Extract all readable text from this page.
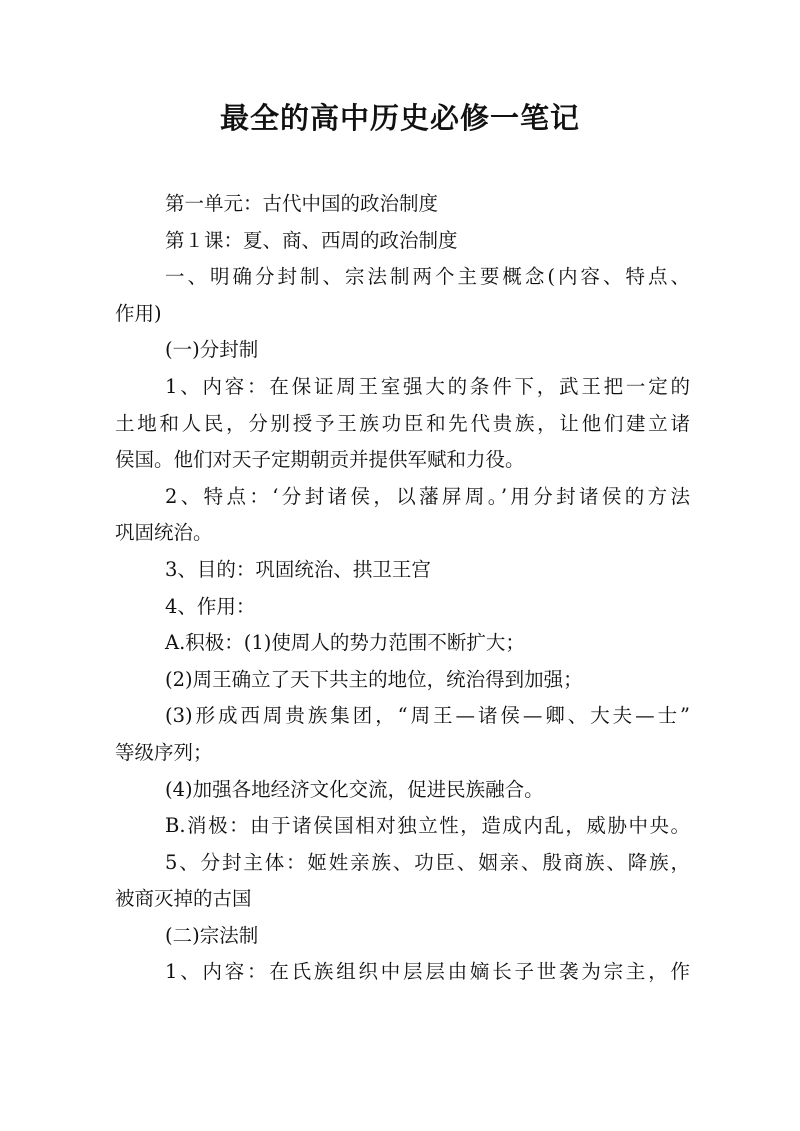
最全的高中历史必修一笔记
第一单元：古代中国的政治制度
第１课：夏、商、西周的政治制度
一、明确分封制、宗法制两个主要概念(内容、特点、
作用)
(一)分封制
1、内容：在保证周王室强大的条件下，武王把一定的
土地和人民，分别授予王族功臣和先代贵族，让他们建立诸
侯国。他们对天子定期朝贡并提供军赋和力役。
2、特点：‘分封诸侯，以藩屏周。’用分封诸侯的方法
巩固统治。
3、目的：巩固统治、拱卫王宫
4、作用：
A.积极：(1)使周人的势力范围不断扩大；
(2)周王确立了天下共主的地位，统治得到加强；
(3)形成西周贵族集团，“周王—诸侯—卿、大夫—士”
等级序列；
(4)加强各地经济文化交流，促进民族融合。
B.消极：由于诸侯国相对独立性，造成内乱，威胁中央。
5、分封主体：姬姓亲族、功臣、姻亲、殷商族、降族，
被商灭掉的古国
(二)宗法制
1、内容：在氏族组织中层层由嫡长子世袭为宗主，作
